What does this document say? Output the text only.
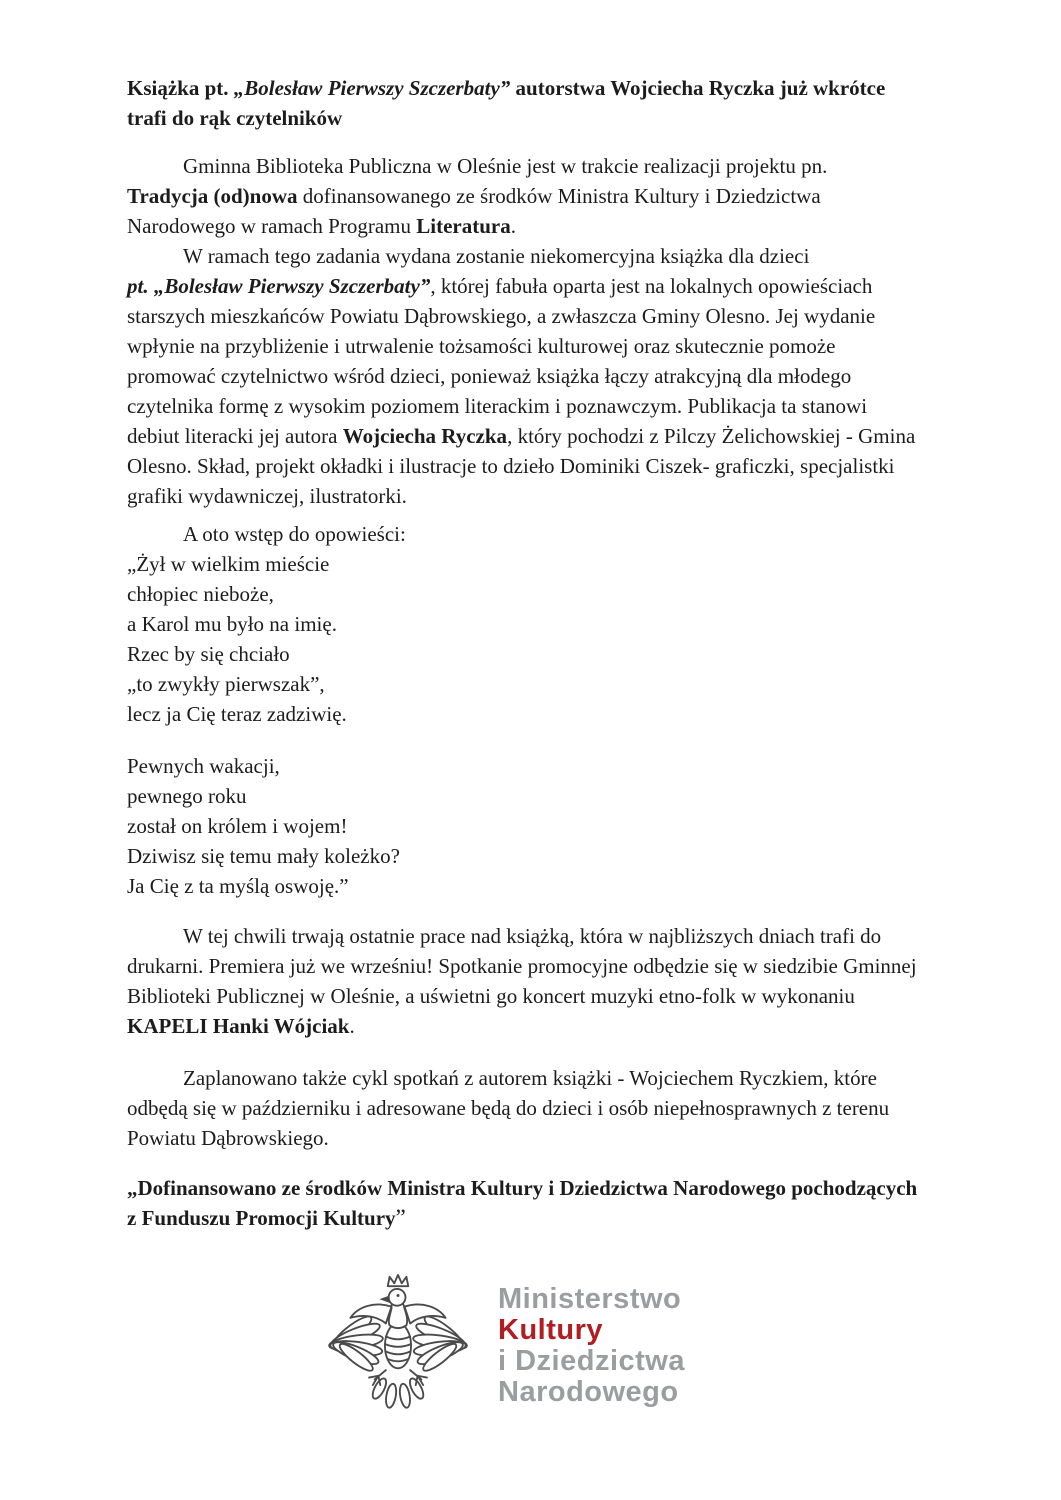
Książka pt. „Bolesław Pierwszy Szczerbaty” autorstwa Wojciecha Ryczka już wkrótce
trafi do rąk czytelników
Gminna Biblioteka Publiczna w Oleśnie jest w trakcie realizacji projektu pn.
Tradycja (od)nowa dofinansowanego ze środków Ministra Kultury i Dziedzictwa
Narodowego w ramach Programu Literatura.
W ramach tego zadania wydana zostanie niekomercyjna książka dla dzieci
pt. „Bolesław Pierwszy Szczerbaty”, której fabuła oparta jest na lokalnych opowieściach
starszych mieszkańców Powiatu Dąbrowskiego, a zwłaszcza Gminy Olesno. Jej wydanie
wpłynie na przybliżenie i utrwalenie tożsamości kulturowej oraz skutecznie pomoże
promować czytelnictwo wśród dzieci, ponieważ książka łączy atrakcyjną dla młodego
czytelnika formę z wysokim poziomem literackim i poznawczym. Publikacja ta stanowi
debiut literacki jej autora Wojciecha Ryczka, który pochodzi z Pilczy Żelichowskiej - Gmina
Olesno. Skład, projekt okładki i ilustracje to dzieło Dominiki Ciszek- graficzki, specjalistki
grafiki wydawniczej, ilustratorki.
A oto wstęp do opowieści:
„Żył w wielkim mieście
chłopiec nieboże,
a Karol mu było na imię.
Rzec by się chciało
„to zwykły pierwszak”,
lecz ja Cię teraz zadziwię.
Pewnych wakacji,
pewnego roku
został on królem i wojem!
Dziwisz się temu mały koleżko?
Ja Cię z ta myślą oswoję.”
W tej chwili trwają ostatnie prace nad książką, która w najbliższych dniach trafi do
drukarni. Premiera już we wrześniu! Spotkanie promocyjne odbędzie się w siedzibie Gminnej
Biblioteki Publicznej w Oleśnie, a uświetni go koncert muzyki etno-folk w wykonaniu
KAPELI Hanki Wójciak.
Zaplanowano także cykl spotkań z autorem książki - Wojciechem Ryczkiem, które
odbędą się w październiku i adresowane będą do dzieci i osób niepełnosprawnych z terenu
Powiatu Dąbrowskiego.
„Dofinansowano ze środków Ministra Kultury i Dziedzictwa Narodowego pochodzących
z Funduszu Promocji Kultury”
Ministerstwo
Kultury
i Dziedzictwa
Narodowego
